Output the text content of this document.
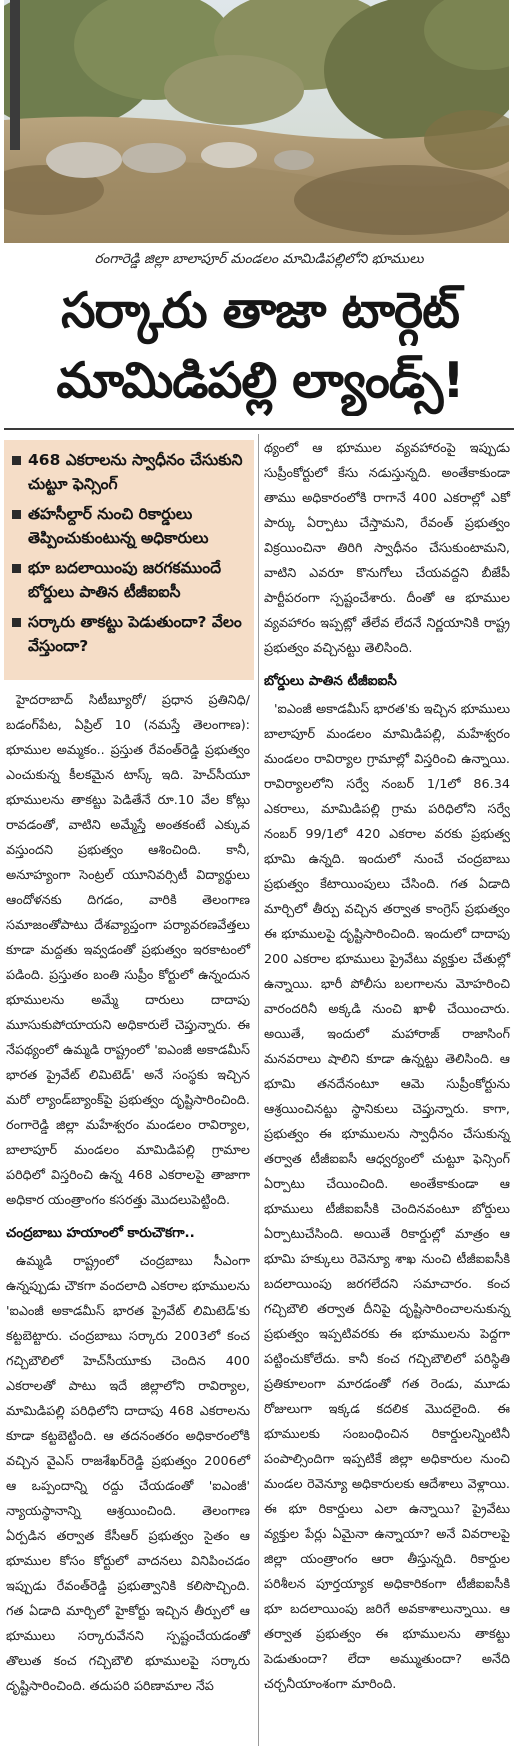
రంగారెడ్డి జిల్లా బాలాపూర్ మండలం మామిడిపల్లిలోని భూములు
సర్కారు తాజా టార్గెట్
మామిడిపల్లి ల్యాండ్స్!
468 ఎకరాలను స్వాధీనం చేసుకుని చుట్టూ ఫెన్సింగ్
తహసీల్దార్ నుంచి రికార్డులు తెప్పించుకుంటున్న అధికారులు
భూ బదలాయింపు జరగకముందే బోర్డులు పాతిన టీజీఐఐసీ
సర్కారు తాకట్టు పెడుతుందా? వేలం వేస్తుందా?

హైదరాబాద్ సిటీబ్యూరో/ ప్రధాన ప్రతినిధి/బడంగ్‌పేట, ఏప్రిల్ 10 (నమస్తే తెలంగాణ): భూముల అమ్మకం.. ప్రస్తుత రేవంత్‌రెడ్డి ప్రభుత్వం ఎంచుకున్న కీలకమైన టాస్క్ ఇది. హెచ్‌సీయూ భూములను తాకట్టు పెడితేనే రూ.10 వేల కోట్లు రావడంతో, వాటిని అమ్మేస్తే అంతకంటే ఎక్కువ వస్తుందని ప్రభుత్వం ఆశించింది. కానీ, అనూహ్యంగా సెంట్రల్ యూనివర్సిటీ విద్యార్థులు ఆందోళనకు దిగడం, వారికి తెలంగాణ సమాజంతోపాటు దేశవ్యాప్తంగా పర్యావరణవేత్తలు కూడా మద్దతు ఇవ్వడంతో ప్రభుత్వం ఇరకాటంలో పడింది. ప్రస్తుతం బంతి సుప్రీం కోర్టులో ఉన్నందున భూములను అమ్మే దారులు దాదాపు మూసుకుపోయాయని అధికారులే చెప్తున్నారు. ఈ నేపథ్యంలో ఉమ్మడి రాష్ట్రంలో 'ఐఎంజీ అకాడమీస్ భారత ప్రైవేట్ లిమిటెడ్' అనే సంస్థకు ఇచ్చిన మరో ల్యాండ్‌బ్యాంక్‌పై ప్రభుత్వం దృష్టిసారించింది. రంగారెడ్డి జిల్లా మహేశ్వరం మండలం రావిర్యాల, బాలాపూర్ మండలం మామిడిపల్లి గ్రామాల పరిధిలో విస్తరించి ఉన్న 468 ఎకరాలపై తాజాగా అధికార యంత్రాంగం కసరత్తు మొదలుపెట్టింది.

చంద్రబాబు హయాంలో కారుచౌకగా..

ఉమ్మడి రాష్ట్రంలో చంద్రబాబు సీఎంగా ఉన్నప్పుడు చౌకగా వందలాది ఎకరాల భూములను 'ఐఎంజీ అకాడమీస్ భారత ప్రైవేట్ లిమిటెడ్'కు కట్టబెట్టారు. చంద్రబాబు సర్కారు 2003లో కంచ గచ్చిబౌలిలో హెచ్‌సీయూకు చెందిన 400 ఎకరాలతో పాటు ఇదే జిల్లాలోని రావిర్యాల, మామిడిపల్లి పరిధిలోని దాదాపు 468 ఎకరాలను కూడా కట్టబెట్టింది. ఆ తదనంతరం అధికారంలోకి వచ్చిన వైఎస్ రాజశేఖర్‌రెడ్డి ప్రభుత్వం 2006లో ఆ ఒప్పందాన్ని రద్దు చేయడంతో 'ఐఎంజీ' న్యాయస్థానాన్ని ఆశ్రయించింది. తెలంగాణ ఏర్పడిన తర్వాత కేసీఆర్ ప్రభుత్వం సైతం ఆ భూముల కోసం కోర్టులో వాదనలు వినిపించడం ఇప్పుడు రేవంత్‌రెడ్డి ప్రభుత్వానికి కలిసొచ్చింది. గత ఏడాది మార్చిలో హైకోర్టు ఇచ్చిన తీర్పులో ఆ భూములు సర్కారువేనని స్పష్టంచేయడంతో తొలుత కంచ గచ్చిబౌలి భూములపై సర్కారు దృష్టిసారించింది. తదుపరి పరిణామాల నేప

థ్యంలో ఆ భూముల వ్యవహారంపై ఇప్పుడు సుప్రీంకోర్టులో కేసు నడుస్తున్నది. అంతేకాకుండా తాము అధికారంలోకి రాగానే 400 ఎకరాల్లో ఎకో పార్కు ఏర్పాటు చేస్తామని, రేవంత్ ప్రభుత్వం విక్రయించినా తిరిగి స్వాధీనం చేసుకుంటామని, వాటిని ఎవరూ కొనుగోలు చేయవద్దని బీజేపీ పార్టీపరంగా స్పష్టంచేశారు. దీంతో ఆ భూముల వ్యవహారం ఇప్పట్లో తేలేవ లేదనే నిర్ణయానికి రాష్ట్ర ప్రభుత్వం వచ్చినట్టు తెలిసింది.

బోర్డులు పాతిన టీజీఐఐసీ

'ఐఎంజీ అకాడమీస్ భారత'కు ఇచ్చిన భూములు బాలాపూర్ మండలం మామిడిపల్లి, మహేశ్వరం మండలం రావిర్యాల గ్రామాల్లో విస్తరించి ఉన్నాయి. రావిర్యాలలోని సర్వే నంబర్ 1/1లో 86.34 ఎకరాలు, మామిడిపల్లి గ్రామ పరిధిలోని సర్వే నంబర్ 99/1లో 420 ఎకరాల వరకు ప్రభుత్వ భూమి ఉన్నది. ఇందులో నుంచే చంద్రబాబు ప్రభుత్వం కేటాయింపులు చేసింది. గత ఏడాది మార్చిలో తీర్పు వచ్చిన తర్వాత కాంగ్రెస్ ప్రభుత్వం ఈ భూములపై దృష్టిసారించింది. ఇందులో దాదాపు 200 ఎకరాల భూములు ప్రైవేటు వ్యక్తుల చేతుల్లో ఉన్నాయి. భారీ పోలీసు బలగాలను మోహరించి వారందరినీ అక్కడి నుంచి ఖాళీ చేయించారు. అయితే, ఇందులో మహారాజ్ రాజాసింగ్ మనవరాలు షాలిని కూడా ఉన్నట్టు తెలిసింది. ఆ భూమి తనదేనంటూ ఆమె సుప్రీంకోర్టును ఆశ్రయించినట్టు స్థానికులు చెప్తున్నారు. కాగా, ప్రభుత్వం ఈ భూములను స్వాధీనం చేసుకున్న తర్వాత టీజీఐఐసీ ఆధ్వర్యంలో చుట్టూ ఫెన్సింగ్ ఏర్పాటు చేయించింది. అంతేకాకుండా ఆ భూములు టీజీఐఐసీకి చెందినవంటూ బోర్డులు ఏర్పాటుచేసింది. అయితే రికార్డుల్లో మాత్రం ఆ భూమి హక్కులు రెవెన్యూ శాఖ నుంచి టీజీఐఐసీకి బదలాయింపు జరగలేదని సమాచారం. కంచ గచ్చిబౌలి తర్వాత దీనిపై దృష్టిసారించాలనుకున్న ప్రభుత్వం ఇప్పటివరకు ఈ భూములను పెద్దగా పట్టించుకోలేదు. కానీ కంచ గచ్చిబౌలిలో పరిస్థితి ప్రతికూలంగా మారడంతో గత రెండు, మూడు రోజులుగా ఇక్కడ కదలిక మొదలైంది. ఈ భూములకు సంబంధించిన రికార్డులన్నింటినీ పంపాల్సిందిగా ఇప్పటికే జిల్లా అధికారుల నుంచి మండల రెవెన్యూ అధికారులకు ఆదేశాలు వెళ్లాయి. ఈ భూ రికార్డులు ఎలా ఉన్నాయి? ప్రైవేటు వ్యక్తుల పేర్లు ఏమైనా ఉన్నాయా? అనే వివరాలపై జిల్లా యంత్రాంగం ఆరా తీస్తున్నది. రికార్డుల పరిశీలన పూర్తయ్యాక అధికారికంగా టీజీఐఐసీకి భూ బదలాయింపు జరిగే అవకాశాలున్నాయి. ఆ తర్వాత ప్రభుత్వం ఈ భూములను తాకట్టు పెడుతుందా? లేదా అమ్ముతుందా? అనేది చర్చనీయాంశంగా మారింది.
